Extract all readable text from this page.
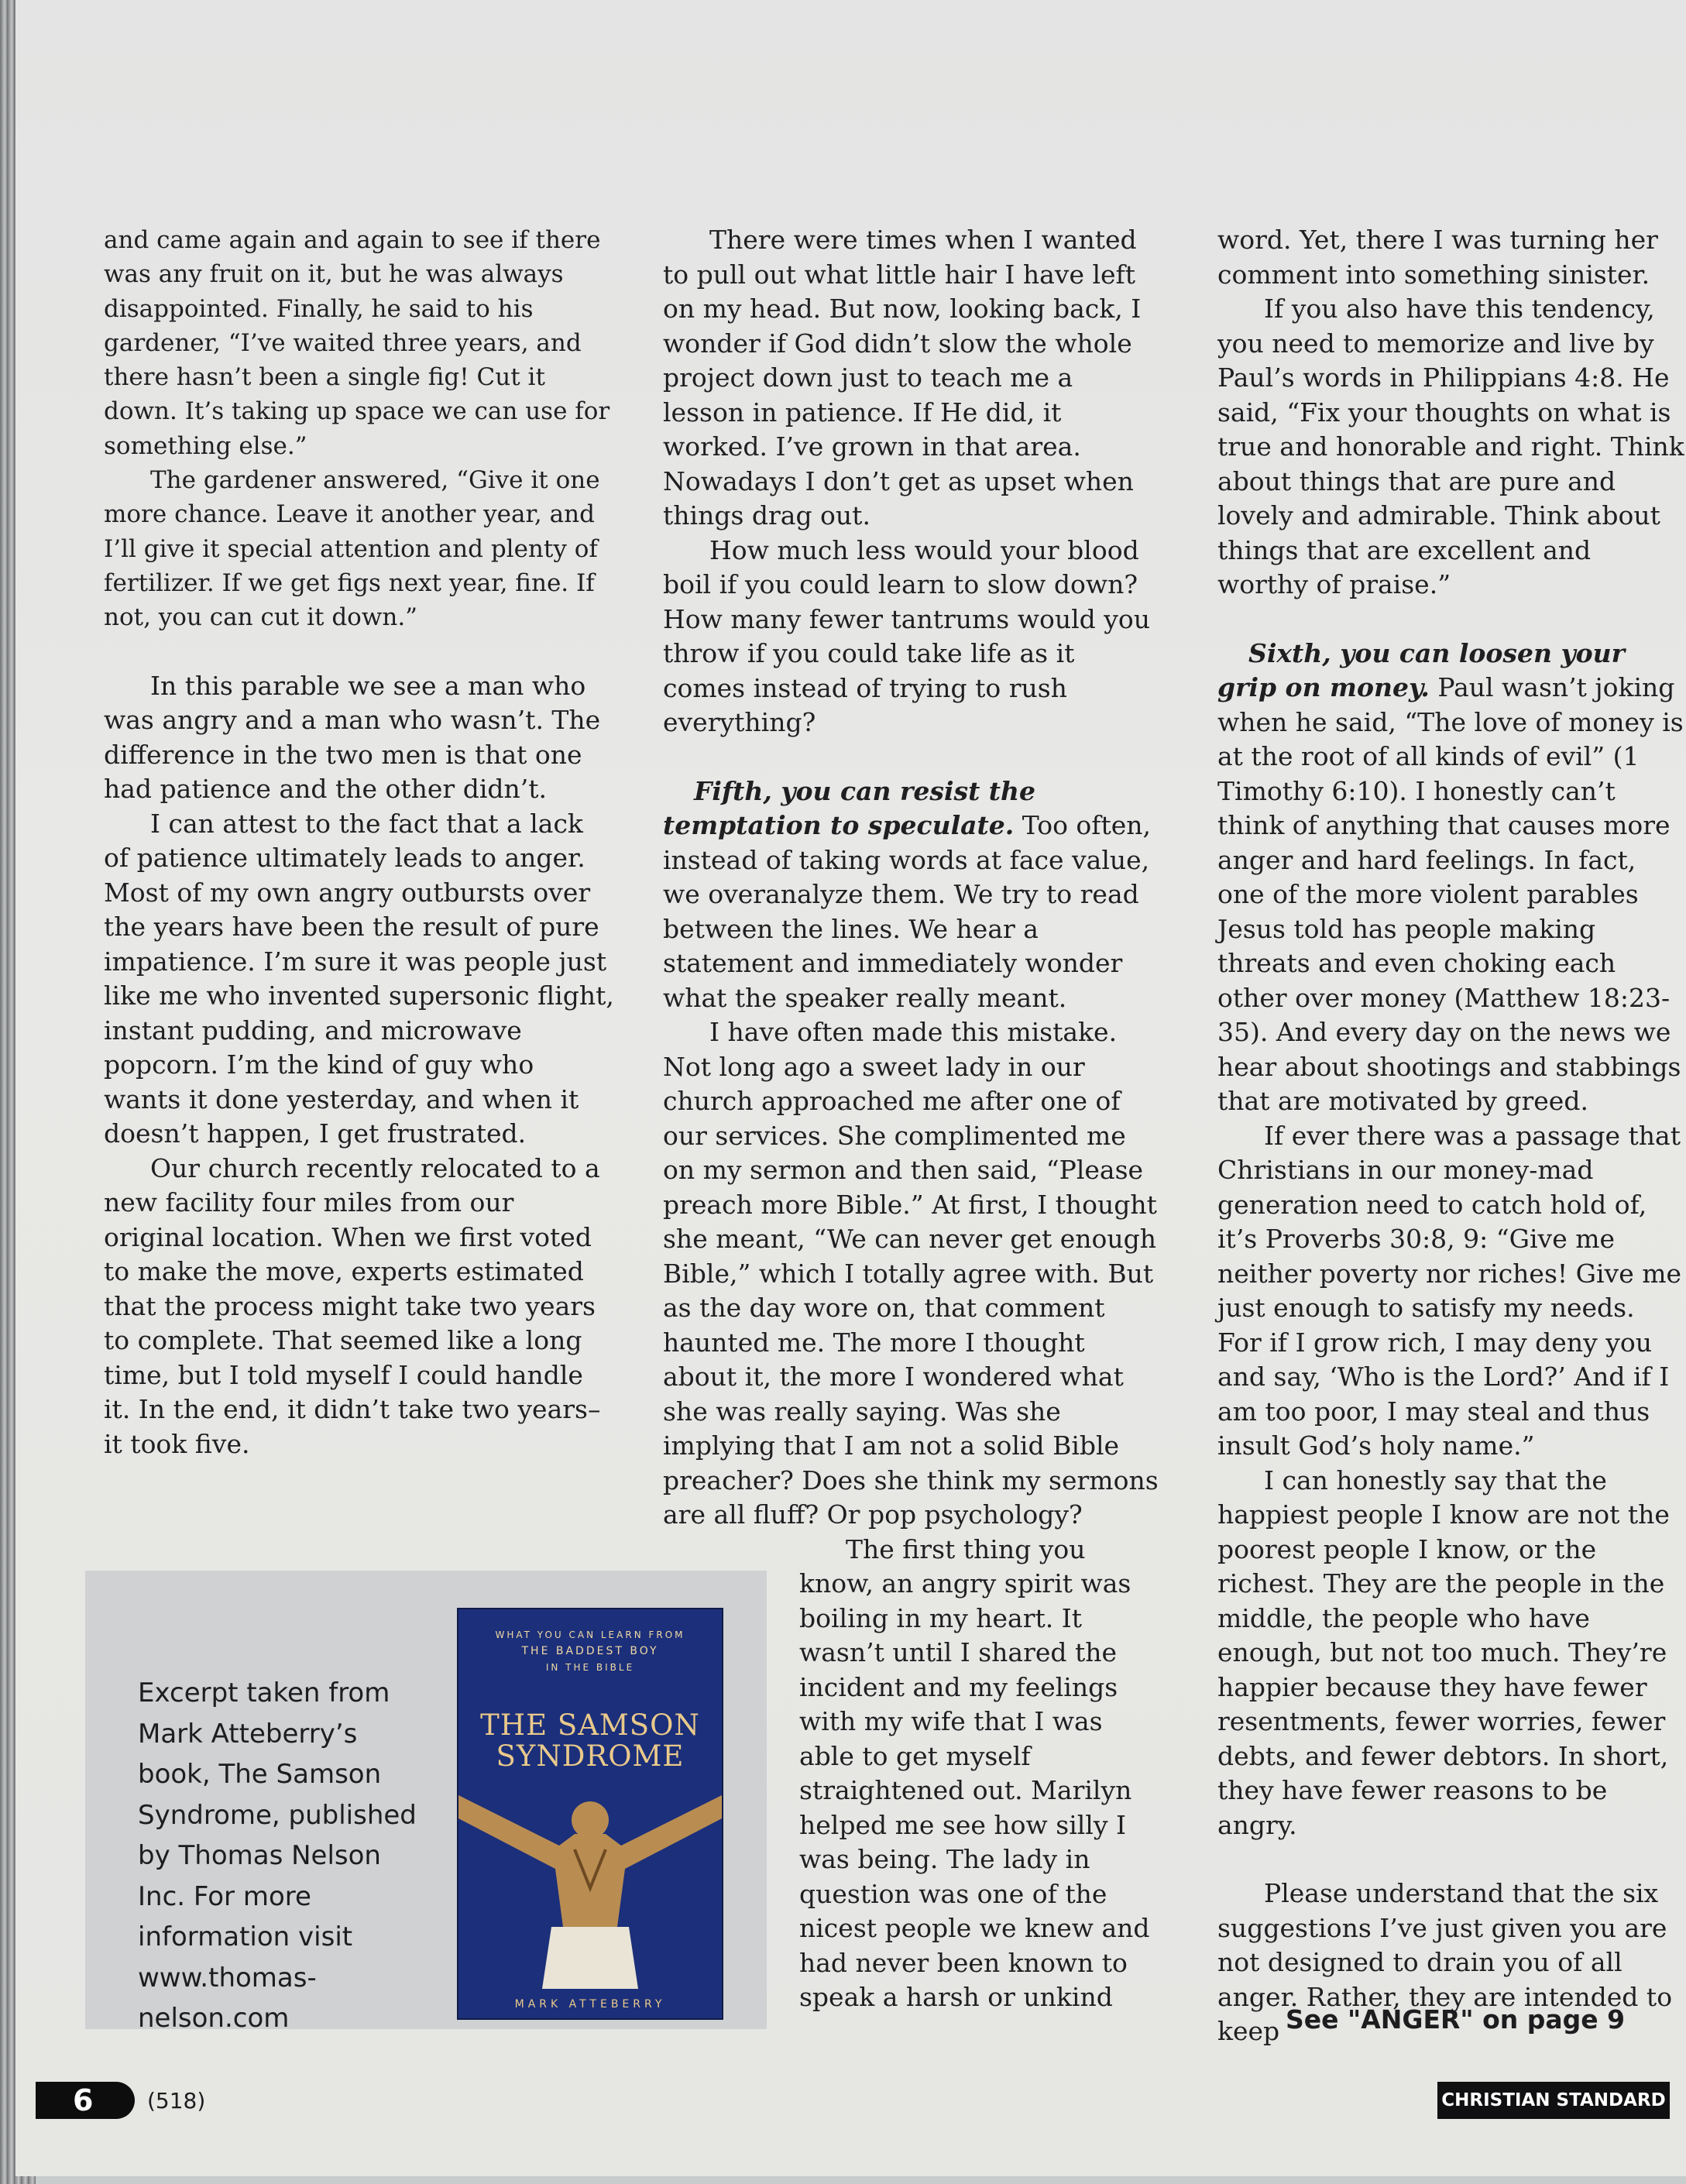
and came again and again to see if there was any fruit on it, but he was always disappointed. Finally, he said to his gardener, “I’ve waited three years, and there hasn’t been a single fig! Cut it down. It’s taking up space we can use for something else.”

The gardener answered, “Give it one more chance. Leave it another year, and I’ll give it special attention and plenty of fertilizer. If we get figs next year, fine. If not, you can cut it down.”

In this parable we see a man who was angry and a man who wasn’t. The difference in the two men is that one had patience and the other didn’t.

I can attest to the fact that a lack of patience ultimately leads to anger. Most of my own angry outbursts over the years have been the result of pure impatience. I’m sure it was people just like me who invented supersonic flight, instant pudding, and microwave popcorn. I’m the kind of guy who wants it done yesterday, and when it doesn’t happen, I get frustrated.

Our church recently relocated to a new facility four miles from our original location. When we first voted to make the move, experts estimated that the process might take two years to complete. That seemed like a long time, but I told myself I could handle it. In the end, it didn’t take two years–it took five.

There were times when I wanted to pull out what little hair I have left on my head. But now, looking back, I wonder if God didn’t slow the whole project down just to teach me a lesson in patience. If He did, it worked. I’ve grown in that area. Nowadays I don’t get as upset when things drag out.

How much less would your blood boil if you could learn to slow down? How many fewer tantrums would you throw if you could take life as it comes instead of trying to rush everything?

Fifth, you can resist the temptation to speculate. Too often, instead of taking words at face value, we overanalyze them. We try to read between the lines. We hear a statement and immediately wonder what the speaker really meant.

I have often made this mistake. Not long ago a sweet lady in our church approached me after one of our services. She complimented me on my sermon and then said, “Please preach more Bible.” At first, I thought she meant, “We can never get enough Bible,” which I totally agree with. But as the day wore on, that comment haunted me. The more I thought about it, the more I wondered what she was really saying. Was she implying that I am not a solid Bible preacher? Does she think my sermons are all fluff? Or pop psychology?

The first thing you know, an angry spirit was boiling in my heart. It wasn’t until I shared the incident and my feelings with my wife that I was able to get myself straightened out. Marilyn helped me see how silly I was being. The lady in question was one of the nicest people we knew and had never been known to speak a harsh or unkind

word. Yet, there I was turning her comment into something sinister.

If you also have this tendency, you need to memorize and live by Paul’s words in Philippians 4:8. He said, “Fix your thoughts on what is true and honorable and right. Think about things that are pure and lovely and admirable. Think about things that are excellent and worthy of praise.”

Sixth, you can loosen your grip on money. Paul wasn’t joking when he said, “The love of money is at the root of all kinds of evil” (1 Timothy 6:10). I honestly can’t think of anything that causes more anger and hard feelings. In fact, one of the more violent parables Jesus told has people making threats and even choking each other over money (Matthew 18:23-35). And every day on the news we hear about shootings and stabbings that are motivated by greed.

If ever there was a passage that Christians in our money-mad generation need to catch hold of, it’s Proverbs 30:8, 9: “Give me neither poverty nor riches! Give me just enough to satisfy my needs. For if I grow rich, I may deny you and say, ‘Who is the Lord?’ And if I am too poor, I may steal and thus insult God’s holy name.”

I can honestly say that the happiest people I know are not the poorest people I know, or the richest. They are the people in the middle, the people who have enough, but not too much. They’re happier because they have fewer resentments, fewer worries, fewer debts, and fewer debtors. In short, they have fewer reasons to be angry.

Please understand that the six suggestions I’ve just given you are not designed to drain you of all anger. Rather, they are intended to keep

Excerpt taken from Mark Atteberry’s book, The Samson Syndrome, published by Thomas Nelson Inc. For more information visit www.thomas-nelson.com
WHAT YOU CAN LEARN FROM
THE BADDEST BOY
IN THE BIBLE
THE SAMSON
SYNDROME
MARK ATTEBERRY	See "ANGER" on page 9
6 (518)	CHRISTIAN STANDARD
